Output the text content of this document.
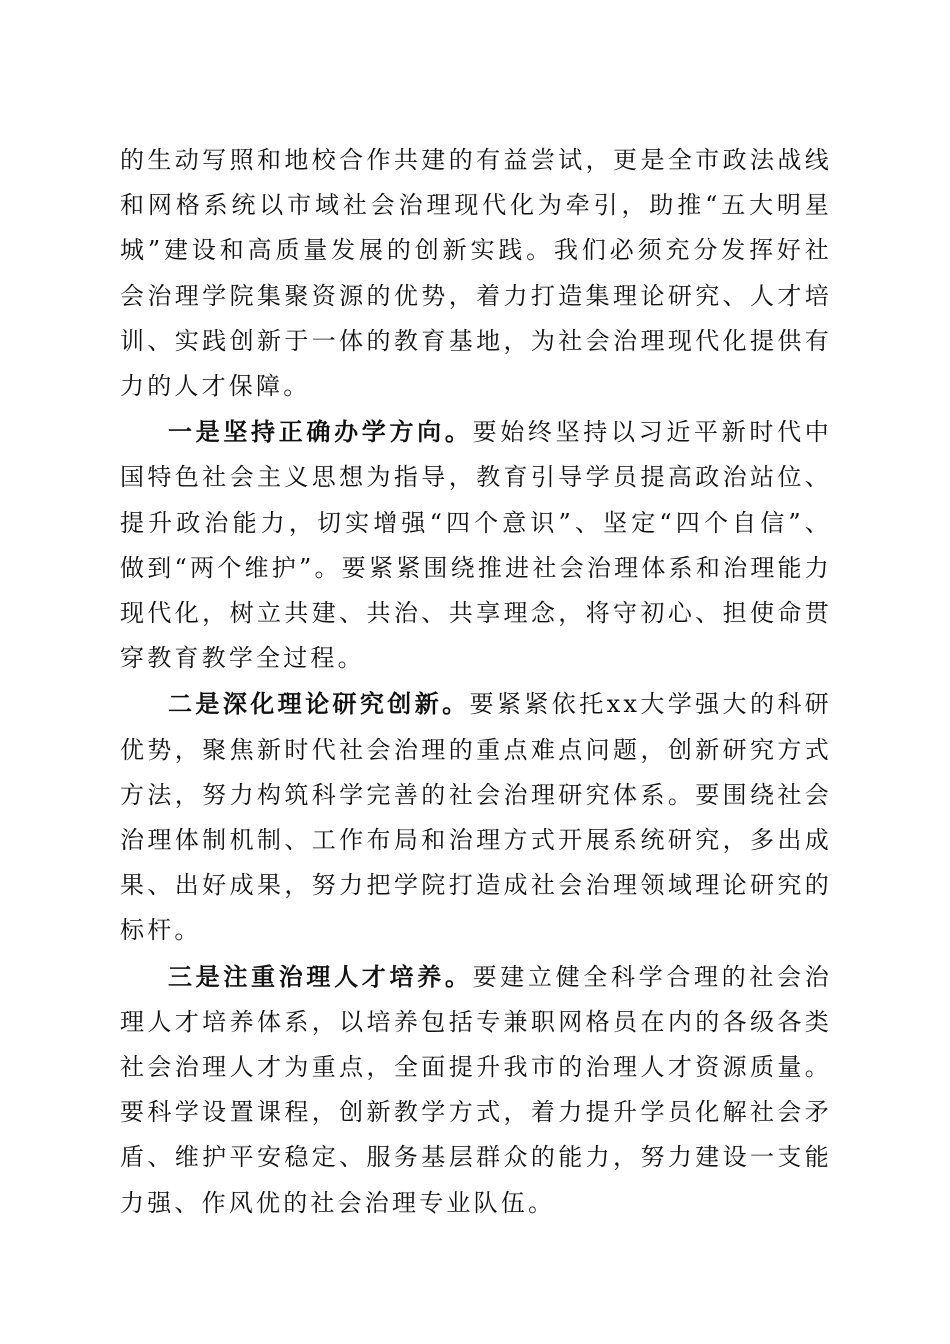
的生动写照和地校合作共建的有益尝试，更是全市政法战线和网格系统以市域社会治理现代化为牵引，助推“五大明星城”建设和高质量发展的创新实践。我们必须充分发挥好社会治理学院集聚资源的优势，着力打造集理论研究、人才培训、实践创新于一体的教育基地，为社会治理现代化提供有力的人才保障。

一是坚持正确办学方向。要始终坚持以习近平新时代中国特色社会主义思想为指导，教育引导学员提高政治站位、提升政治能力，切实增强“四个意识”、坚定“四个自信”、做到“两个维护”。要紧紧围绕推进社会治理体系和治理能力现代化，树立共建、共治、共享理念，将守初心、担使命贯穿教育教学全过程。

二是深化理论研究创新。要紧紧依托xx大学强大的科研优势，聚焦新时代社会治理的重点难点问题，创新研究方式方法，努力构筑科学完善的社会治理研究体系。要围绕社会治理体制机制、工作布局和治理方式开展系统研究，多出成果、出好成果，努力把学院打造成社会治理领域理论研究的标杆。

三是注重治理人才培养。要建立健全科学合理的社会治理人才培养体系，以培养包括专兼职网格员在内的各级各类社会治理人才为重点，全面提升我市的治理人才资源质量。要科学设置课程，创新教学方式，着力提升学员化解社会矛盾、维护平安稳定、服务基层群众的能力，努力建设一支能力强、作风优的社会治理专业队伍。
